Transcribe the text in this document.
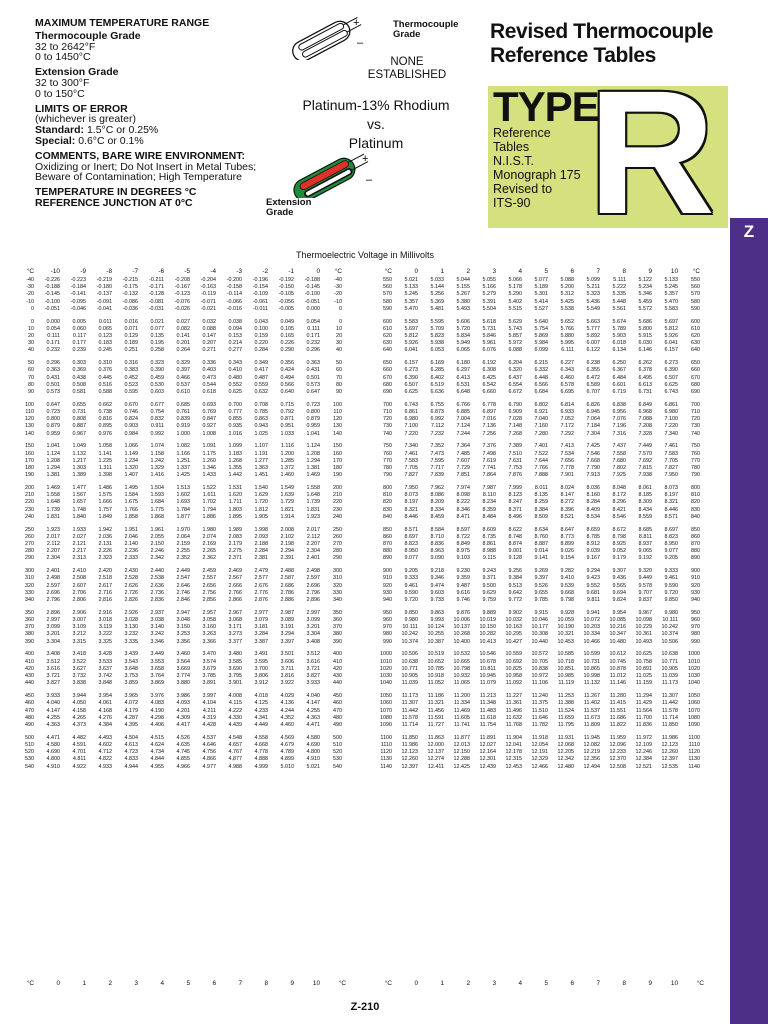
MAXIMUM TEMPERATURE RANGE
Thermocouple Grade
32 to 2642°F
0 to 1450°C
Extension Grade
32 to 300°F
0 to 150°C
LIMITS OF ERROR
(whichever is greater)
Standard: 1.5°C or 0.25%
Special: 0.6°C or 0.1%
COMMENTS, BARE WIRE ENVIRONMENT:
Oxidizing or Inert; Do Not Insert in Metal Tubes;
Beware of Contamination; High Temperature
TEMPERATURE IN DEGREES °C
REFERENCE JUNCTION AT 0°C
+
–
Thermocouple
Grade
NONE
ESTABLISHED
Platinum-13% Rhodium
vs.
Platinum
+
–
Extension
Grade
Revised Thermocouple
Reference Tables
TYPE
Reference
Tables
N.I.S.T.
Monograph 175
Revised to
ITS-90 R	Z
Thermoelectric Voltage in Millivolts
°C	-10	-9	-8	-7	-6	-5	-4	-3	-2	-1	0	°C
-40	-0.226	-0.223	-0.219	-0.215	-0.211	-0.208	-0.204	-0.200	-0.196	-0.192	-0.188	-40
-30	-0.188	-0.184	-0.180	-0.175	-0.171	-0.167	-0.163	-0.158	-0.154	-0.150	-0.145	-30
-20	-0.145	-0.141	-0.137	-0.132	-0.128	-0.123	-0.119	-0.114	-0.109	-0.105	-0.100	-20
-10	-0.100	-0.095	-0.091	-0.086	-0.081	-0.076	-0.071	-0.066	-0.061	-0.056	-0.051	-10
0	-0.051	-0.046	-0.041	-0.036	-0.031	-0.026	-0.021	-0.016	-0.011	-0.005	0.000	0
0	0.000	0.005	0.011	0.016	0.021	0.027	0.032	0.038	0.043	0.049	0.054	0
10	0.054	0.060	0.065	0.071	0.077	0.082	0.088	0.094	0.100	0.105	0.111	10
20	0.111	0.117	0.123	0.129	0.135	0.141	0.147	0.153	0.159	0.165	0.171	20
30	0.171	0.177	0.183	0.189	0.195	0.201	0.207	0.214	0.220	0.226	0.232	30
40	0.232	0.239	0.245	0.251	0.258	0.264	0.271	0.277	0.284	0.290	0.296	40
50	0.296	0.303	0.310	0.316	0.323	0.329	0.336	0.343	0.349	0.356	0.363	50
60	0.363	0.369	0.376	0.383	0.390	0.397	0.403	0.410	0.417	0.424	0.431	60
70	0.431	0.438	0.445	0.452	0.459	0.466	0.473	0.480	0.487	0.494	0.501	70
80	0.501	0.508	0.516	0.523	0.530	0.537	0.544	0.552	0.559	0.566	0.573	80
90	0.573	0.581	0.588	0.595	0.603	0.610	0.618	0.625	0.632	0.640	0.647	90
100	0.647	0.655	0.662	0.670	0.677	0.685	0.693	0.700	0.708	0.715	0.723	100
110	0.723	0.731	0.738	0.746	0.754	0.761	0.769	0.777	0.785	0.792	0.800	110
120	0.800	0.808	0.816	0.824	0.832	0.839	0.847	0.855	0.863	0.871	0.879	120
130	0.879	0.887	0.895	0.903	0.911	0.919	0.927	0.935	0.943	0.951	0.959	130
140	0.959	0.967	0.976	0.984	0.992	1.000	1.008	1.016	1.025	1.033	1.041	140
150	1.041	1.049	1.058	1.066	1.074	1.082	1.091	1.099	1.107	1.116	1.124	150
160	1.124	1.132	1.141	1.149	1.158	1.166	1.175	1.183	1.191	1.200	1.208	160
170	1.208	1.217	1.225	1.234	1.242	1.251	1.260	1.268	1.277	1.285	1.294	170
180	1.294	1.303	1.311	1.320	1.329	1.337	1.346	1.355	1.363	1.372	1.381	180
190	1.381	1.389	1.398	1.407	1.416	1.425	1.433	1.442	1.451	1.460	1.469	190
200	1.469	1.477	1.486	1.495	1.504	1.513	1.522	1.531	1.540	1.549	1.558	200
210	1.558	1.567	1.575	1.584	1.593	1.602	1.611	1.620	1.629	1.639	1.648	210
220	1.648	1.657	1.666	1.675	1.684	1.693	1.702	1.711	1.720	1.729	1.739	220
230	1.739	1.748	1.757	1.766	1.775	1.784	1.794	1.803	1.812	1.821	1.831	230
240	1.831	1.840	1.849	1.858	1.868	1.877	1.886	1.895	1.905	1.914	1.923	240
250	1.923	1.933	1.942	1.951	1.961	1.970	1.980	1.989	1.998	2.008	2.017	250
260	2.017	2.027	2.036	2.046	2.055	2.064	2.074	2.083	2.093	2.102	2.112	260
270	2.112	2.121	2.131	2.140	2.150	2.159	2.169	2.179	2.188	2.198	2.207	270
280	2.207	2.217	2.226	2.236	2.246	2.255	2.265	2.275	2.284	2.294	2.304	280
290	2.304	2.313	2.323	2.333	2.342	2.352	2.362	2.371	2.381	2.391	2.401	290
300	2.401	2.410	2.420	2.430	2.440	2.449	2.459	2.469	2.479	2.488	2.498	300
310	2.498	2.508	2.518	2.528	2.538	2.547	2.557	2.567	2.577	2.587	2.597	310
320	2.597	2.607	2.617	2.626	2.636	2.646	2.656	2.666	2.676	2.686	2.696	320
330	2.696	2.706	2.716	2.726	2.736	2.746	2.756	2.766	2.776	2.786	2.796	330
340	2.796	2.806	2.816	2.826	2.836	2.846	2.856	2.866	2.876	2.886	2.896	340
350	2.896	2.906	2.916	2.926	2.937	2.947	2.957	2.967	2.977	2.987	2.997	350
360	2.997	3.007	3.018	3.028	3.038	3.048	3.058	3.068	3.079	3.089	3.099	360
370	3.099	3.109	3.119	3.130	3.140	3.150	3.160	3.171	3.181	3.191	3.201	370
380	3.201	3.212	3.222	3.232	3.242	3.253	3.263	3.273	3.284	3.294	3.304	380
390	3.304	3.315	3.325	3.335	3.346	3.356	3.366	3.377	3.387	3.397	3.408	390
400	3.408	3.418	3.428	3.439	3.449	3.460	3.470	3.480	3.491	3.501	3.512	400
410	3.512	3.522	3.533	3.543	3.553	3.564	3.574	3.585	3.595	3.606	3.616	410
420	3.616	3.627	3.637	3.648	3.658	3.669	3.679	3.690	3.700	3.711	3.721	420
430	3.721	3.732	3.742	3.753	3.764	3.774	3.785	3.795	3.806	3.816	3.827	430
440	3.827	3.838	3.848	3.859	3.869	3.880	3.891	3.901	3.912	3.922	3.933	440
450	3.933	3.944	3.954	3.965	3.976	3.986	3.997	4.008	4.018	4.029	4.040	450
460	4.040	4.050	4.061	4.072	4.083	4.093	4.104	4.115	4.125	4.136	4.147	460
470	4.147	4.158	4.168	4.179	4.190	4.201	4.211	4.222	4.233	4.244	4.255	470
480	4.255	4.265	4.276	4.287	4.298	4.309	4.319	4.330	4.341	4.352	4.363	480
490	4.363	4.373	4.384	4.395	4.406	4.417	4.428	4.439	4.449	4.460	4.471	490
500	4.471	4.482	4.493	4.504	4.515	4.526	4.537	4.548	4.558	4.569	4.580	500
510	4.580	4.591	4.602	4.613	4.624	4.635	4.646	4.657	4.668	4.679	4.690	510
520	4.690	4.701	4.712	4.723	4.734	4.745	4.756	4.767	4.778	4.789	4.800	520
530	4.800	4.811	4.822	4.833	4.844	4.855	4.866	4.877	4.888	4.899	4.910	530
540	4.910	4.922	4.933	4.944	4.955	4.966	4.977	4.988	4.999	5.010	5.021	540
°C	0	1	2	3	4	5	6	7	8	9	10	°C
550	5.021	5.033	5.044	5.055	5.066	5.077	5.088	5.099	5.111	5.122	5.133	550
560	5.133	5.144	5.155	5.166	5.178	5.189	5.200	5.211	5.222	5.234	5.245	560
570	5.245	5.256	5.267	5.279	5.290	5.301	5.312	5.323	5.335	5.346	5.357	570
580	5.357	5.369	5.380	5.391	5.402	5.414	5.425	5.436	5.448	5.459	5.470	580
590	5.470	5.481	5.493	5.504	5.515	5.527	5.538	5.549	5.561	5.572	5.583	590
600	5.583	5.595	5.606	5.618	5.629	5.640	5.652	5.663	5.674	5.686	5.697	600
610	5.697	5.709	5.720	5.731	5.743	5.754	5.766	5.777	5.789	5.800	5.812	610
620	5.812	5.823	5.834	5.846	5.857	5.869	5.880	5.892	5.903	5.915	5.926	620
630	5.926	5.938	5.949	5.961	5.972	5.984	5.995	6.007	6.018	6.030	6.041	630
640	6.041	6.053	6.065	6.076	6.088	6.099	6.111	6.122	6.134	6.146	6.157	640
650	6.157	6.169	6.180	6.192	6.204	6.215	6.227	6.238	6.250	6.262	6.273	650
660	6.273	6.285	6.297	6.308	6.320	6.332	6.343	6.355	6.367	6.378	6.390	660
670	6.390	6.402	6.413	6.425	6.437	6.448	6.460	6.472	6.484	6.495	6.507	670
680	6.507	6.519	6.531	6.542	6.554	6.566	6.578	6.589	6.601	6.613	6.625	680
690	6.625	6.636	6.648	6.660	6.672	6.684	6.695	6.707	6.719	6.731	6.743	690
700	6.743	6.755	6.766	6.778	6.790	6.802	6.814	6.826	6.838	6.849	6.861	700
710	6.861	6.873	6.885	6.897	6.909	6.921	6.933	6.945	6.956	6.968	6.980	710
720	6.980	6.992	7.004	7.016	7.028	7.040	7.052	7.064	7.076	7.088	7.100	720
730	7.100	7.112	7.124	7.136	7.148	7.160	7.172	7.184	7.196	7.208	7.220	730
740	7.220	7.232	7.244	7.256	7.268	7.280	7.292	7.304	7.316	7.328	7.340	740
750	7.340	7.352	7.364	7.376	7.389	7.401	7.413	7.425	7.437	7.449	7.461	750
760	7.461	7.473	7.485	7.498	7.510	7.522	7.534	7.546	7.558	7.570	7.583	760
770	7.583	7.595	7.607	7.619	7.631	7.644	7.656	7.668	7.680	7.692	7.705	770
780	7.705	7.717	7.729	7.741	7.753	7.766	7.778	7.790	7.802	7.815	7.827	780
790	7.827	7.839	7.851	7.864	7.876	7.888	7.901	7.913	7.925	7.938	7.950	790
800	7.950	7.962	7.974	7.987	7.999	8.011	8.024	8.036	8.048	8.061	8.073	800
810	8.073	8.086	8.098	8.110	8.123	8.135	8.147	8.160	8.172	8.185	8.197	810
820	8.197	8.209	8.222	8.234	8.247	8.259	8.272	8.284	8.296	8.309	8.321	820
830	8.321	8.334	8.346	8.359	8.371	8.384	8.396	8.409	8.421	8.434	8.446	830
840	8.446	8.459	8.471	8.484	8.496	8.509	8.521	8.534	8.546	8.559	8.571	840
850	8.571	8.584	8.597	8.609	8.622	8.634	8.647	8.659	8.672	8.685	8.697	850
860	8.697	8.710	8.722	8.735	8.748	8.760	8.773	8.785	8.798	8.811	8.823	860
870	8.823	8.836	8.849	8.861	8.874	8.887	8.899	8.912	8.925	8.937	8.950	870
880	8.950	8.963	8.975	8.988	9.001	9.014	9.026	9.039	9.052	9.065	9.077	880
890	9.077	9.090	9.103	9.115	9.128	9.141	9.154	9.167	9.179	9.192	9.205	890
900	9.205	9.218	9.230	9.243	9.256	9.269	9.282	9.294	9.307	9.320	9.333	900
910	9.333	9.346	9.359	9.371	9.384	9.397	9.410	9.423	9.436	9.449	9.461	910
920	9.461	9.474	9.487	9.500	9.513	9.526	9.539	9.552	9.565	9.578	9.590	920
930	9.590	9.603	9.616	9.629	9.642	9.655	9.668	9.681	9.694	9.707	9.720	930
940	9.720	9.733	9.746	9.759	9.772	9.785	9.798	9.811	9.824	9.837	9.850	940
950	9.850	9.863	9.876	9.889	9.902	9.915	9.928	9.941	9.954	9.967	9.980	950
960	9.980	9.993	10.006	10.019	10.032	10.046	10.059	10.072	10.085	10.098	10.111	960
970	10.111	10.124	10.137	10.150	10.163	10.177	10.190	10.203	10.216	10.229	10.242	970
980	10.242	10.255	10.268	10.282	10.295	10.308	10.321	10.334	10.347	10.361	10.374	980
990	10.374	10.387	10.400	10.413	10.427	10.440	10.453	10.466	10.480	10.493	10.506	990
1000	10.506	10.519	10.532	10.546	10.559	10.572	10.585	10.599	10.612	10.625	10.638	1000
1010	10.638	10.652	10.665	10.678	10.692	10.705	10.718	10.731	10.745	10.758	10.771	1010
1020	10.771	10.785	10.798	10.811	10.825	10.838	10.851	10.865	10.878	10.891	10.905	1020
1030	10.905	10.918	10.932	10.945	10.958	10.972	10.985	10.998	11.012	11.025	11.039	1030
1040	11.039	11.052	11.065	11.079	11.092	11.106	11.119	11.132	11.146	11.159	11.173	1040
1050	11.173	11.186	11.200	11.213	11.227	11.240	11.253	11.267	11.280	11.294	11.307	1050
1060	11.307	11.321	11.334	11.348	11.361	11.375	11.388	11.402	11.415	11.429	11.442	1060
1070	11.442	11.456	11.469	11.483	11.496	11.510	11.524	11.537	11.551	11.564	11.578	1070
1080	11.578	11.591	11.605	11.618	11.632	11.646	11.659	11.673	11.686	11.700	11.714	1080
1090	11.714	11.727	11.741	11.754	11.768	11.782	11.795	11.809	11.822	11.836	11.850	1090
1100	11.850	11.863	11.877	11.891	11.904	11.918	11.931	11.945	11.959	11.972	11.986	1100
1110	11.986	12.000	12.013	12.027	12.041	12.054	12.068	12.082	12.096	12.109	12.123	1110
1120	12.123	12.137	12.150	12.164	12.178	12.191	12.205	12.219	12.233	12.246	12.260	1120
1130	12.260	12.274	12.288	12.301	12.315	12.329	12.342	12.356	12.370	12.384	12.397	1130
1140	12.397	12.411	12.425	12.439	12.453	12.466	12.480	12.494	12.508	12.521	12.535	1140
°C	0	1	2	3	4	5	6	7	8	9	10	°C	°C	0	1	2	3	4	5	6	7	8	9	10	°C
Z-210
